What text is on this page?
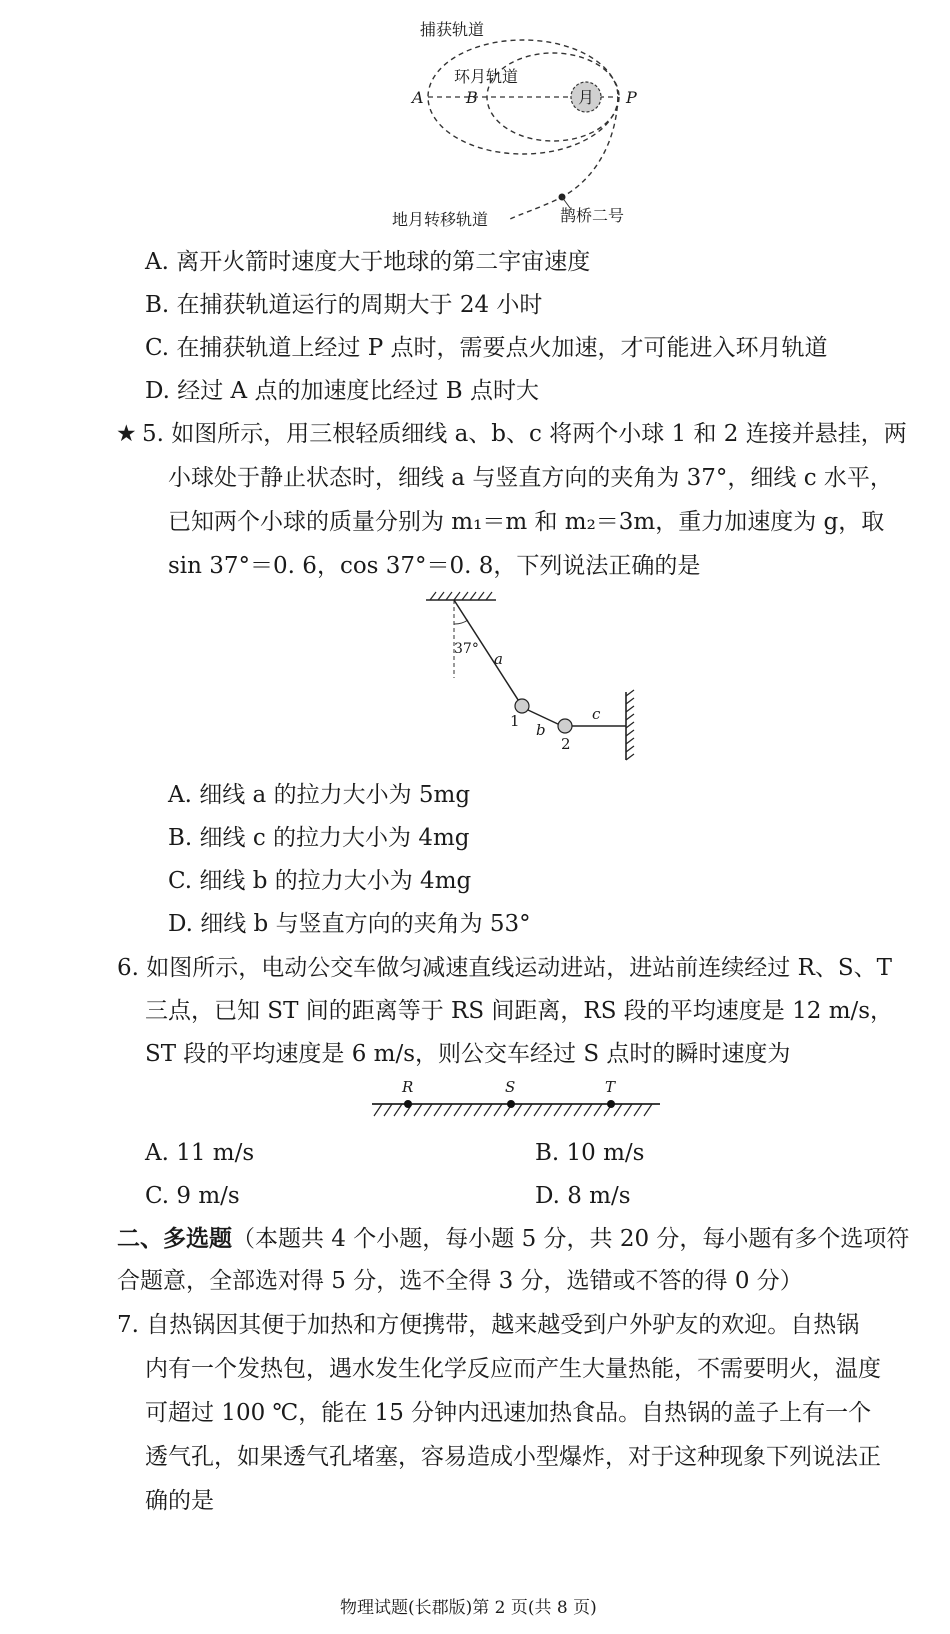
捕获轨道
环月轨道
月
A	B	P
地月转移轨道	鹊桥二号
A. 离开火箭时速度大于地球的第二宇宙速度
B. 在捕获轨道运行的周期大于 24 小时
C. 在捕获轨道上经过 P 点时，需要点火加速，才可能进入环月轨道
D. 经过 A 点的加速度比经过 B 点时大
★ 5. 如图所示，用三根轻质细线 a、b、c 将两个小球 1 和 2 连接并悬挂，两
小球处于静止状态时，细线 a 与竖直方向的夹角为 37°，细线 c 水平，
已知两个小球的质量分别为 m₁＝m 和 m₂＝3m，重力加速度为 g，取
sin 37°＝0. 6，cos 37°＝0. 8，下列说法正确的是
37°
a
1 b
2
c
A. 细线 a 的拉力大小为 5mg
B. 细线 c 的拉力大小为 4mg
C. 细线 b 的拉力大小为 4mg
D. 细线 b 与竖直方向的夹角为 53°
6. 如图所示，电动公交车做匀减速直线运动进站，进站前连续经过 R、S、T
三点，已知 ST 间的距离等于 RS 间距离，RS 段的平均速度是 12 m/s，
ST 段的平均速度是 6 m/s，则公交车经过 S 点时的瞬时速度为
R	S	T
A. 11 m/s	B. 10 m/s
C. 9 m/s	D. 8 m/s
二、多选题（本题共 4 个小题，每小题 5 分，共 20 分，每小题有多个选项符
合题意，全部选对得 5 分，选不全得 3 分，选错或不答的得 0 分）
7. 自热锅因其便于加热和方便携带，越来越受到户外驴友的欢迎。自热锅
内有一个发热包，遇水发生化学反应而产生大量热能，不需要明火，温度
可超过 100 ℃，能在 15 分钟内迅速加热食品。自热锅的盖子上有一个
透气孔，如果透气孔堵塞，容易造成小型爆炸，对于这种现象下列说法正
确的是
物理试题(长郡版)第 2 页(共 8 页)
